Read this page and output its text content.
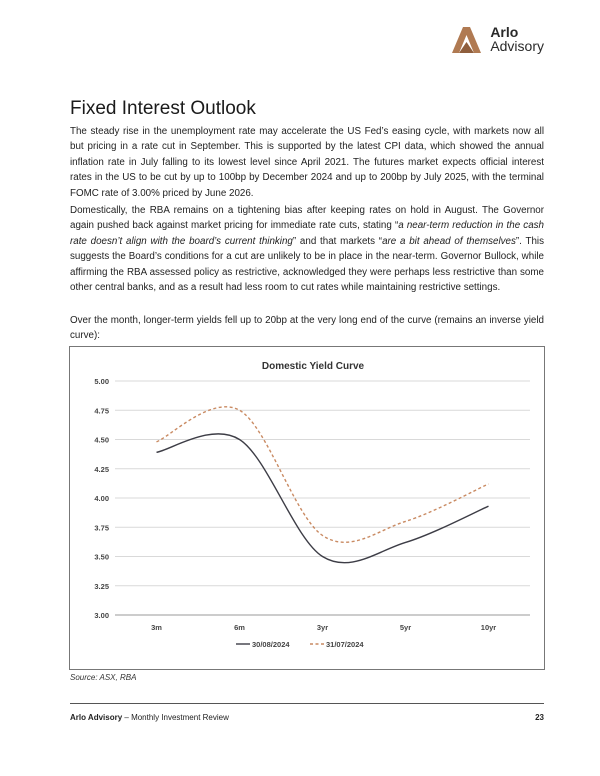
Arlo
Advisory
Fixed Interest Outlook

The steady rise in the unemployment rate may accelerate the US Fed’s easing cycle, with markets now all but pricing in a rate cut in September. This is supported by the latest CPI data, which showed the annual inflation rate in July falling to its lowest level since April 2021. The futures market expects official interest rates in the US to be cut by up to 100bp by December 2024 and up to 200bp by July 2025, with the terminal FOMC rate of 3.00% priced by June 2026.

Domestically, the RBA remains on a tightening bias after keeping rates on hold in August. The Governor again pushed back against market pricing for immediate rate cuts, stating “a near-term reduction in the cash rate doesn’t align with the board’s current thinking” and that markets “are a bit ahead of themselves”. This suggests the Board’s conditions for a cut are unlikely to be in place in the near-term. Governor Bullock, while affirming the RBA assessed policy as restrictive, acknowledged they were perhaps less restrictive than some other central banks, and as a result had less room to cut rates while maintaining restrictive settings.

Over the month, longer-term yields fell up to 20bp at the very long end of the curve (remains an inverse yield curve):

Domestic Yield Curve
3.00
3.25
3.50
3.75
4.00
4.25
4.50
4.75
5.00
3m	6m	3yr	5yr	10yr
30/08/2024	31/07/2024
Source: ASX, RBA
Arlo Advisory – Monthly Investment Review	23
